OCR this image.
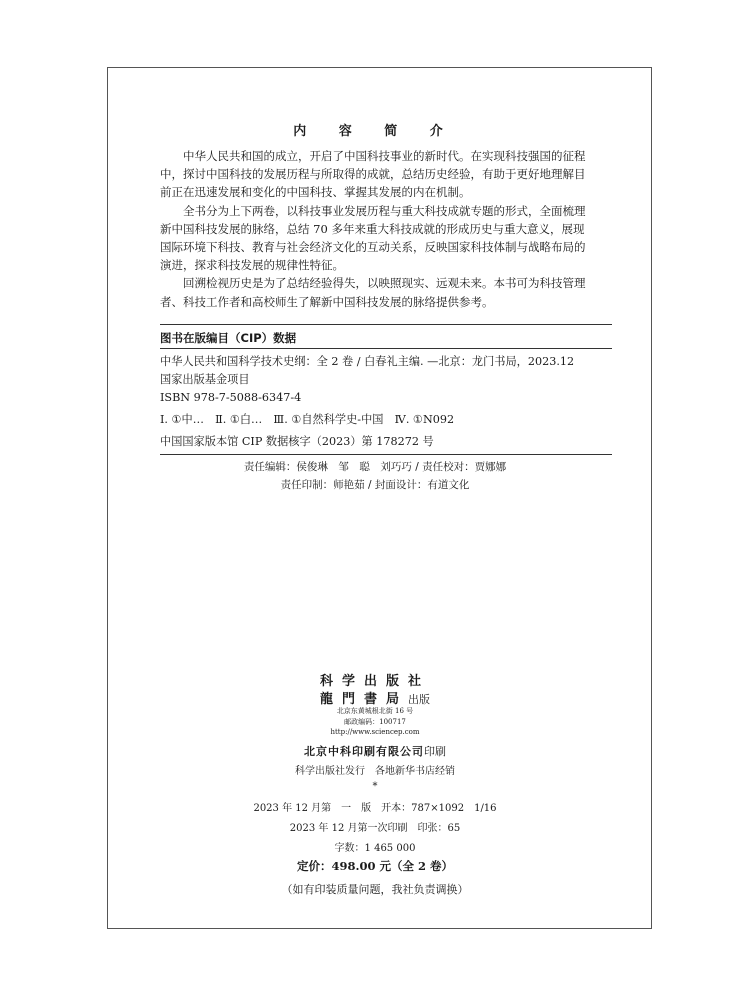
内 容 简 介

中华人民共和国的成立，开启了中国科技事业的新时代。在实现科技强国的征程中，探讨中国科技的发展历程与所取得的成就，总结历史经验，有助于更好地理解目前正在迅速发展和变化的中国科技、掌握其发展的内在机制。

全书分为上下两卷，以科技事业发展历程与重大科技成就专题的形式，全面梳理新中国科技发展的脉络，总结 70 多年来重大科技成就的形成历史与重大意义，展现国际环境下科技、教育与社会经济文化的互动关系，反映国家科技体制与战略布局的演进，探求科技发展的规律性特征。

回溯检视历史是为了总结经验得失，以映照现实、远观未来。本书可为科技管理者、科技工作者和高校师生了解新中国科技发展的脉络提供参考。

图书在版编目（CIP）数据
中华人民共和国科学技术史纲：全 2 卷 / 白春礼主编. —北京：龙门书局，2023.12
国家出版基金项目
ISBN 978-7-5088-6347-4
Ⅰ. ①中…　Ⅱ. ①白…　Ⅲ. ①自然科学史-中国　Ⅳ. ①N092
中国国家版本馆 CIP 数据核字（2023）第 178272 号
责任编辑：侯俊琳　邹　聪　刘巧巧 / 责任校对：贾娜娜
责任印制：师艳茹 / 封面设计：有道文化
科学出版社
龍門書局出版
北京东黄城根北街 16 号
邮政编码：100717
http://www.sciencep.com
北京中科印刷有限公司印刷
科学出版社发行　各地新华书店经销
*
2023 年 12 月第　一　版　开本：787×1092　1/16
2023 年 12 月第一次印刷　印张：65
字数：1 465 000
定价：498.00 元（全 2 卷）
（如有印装质量问题，我社负责调换）
